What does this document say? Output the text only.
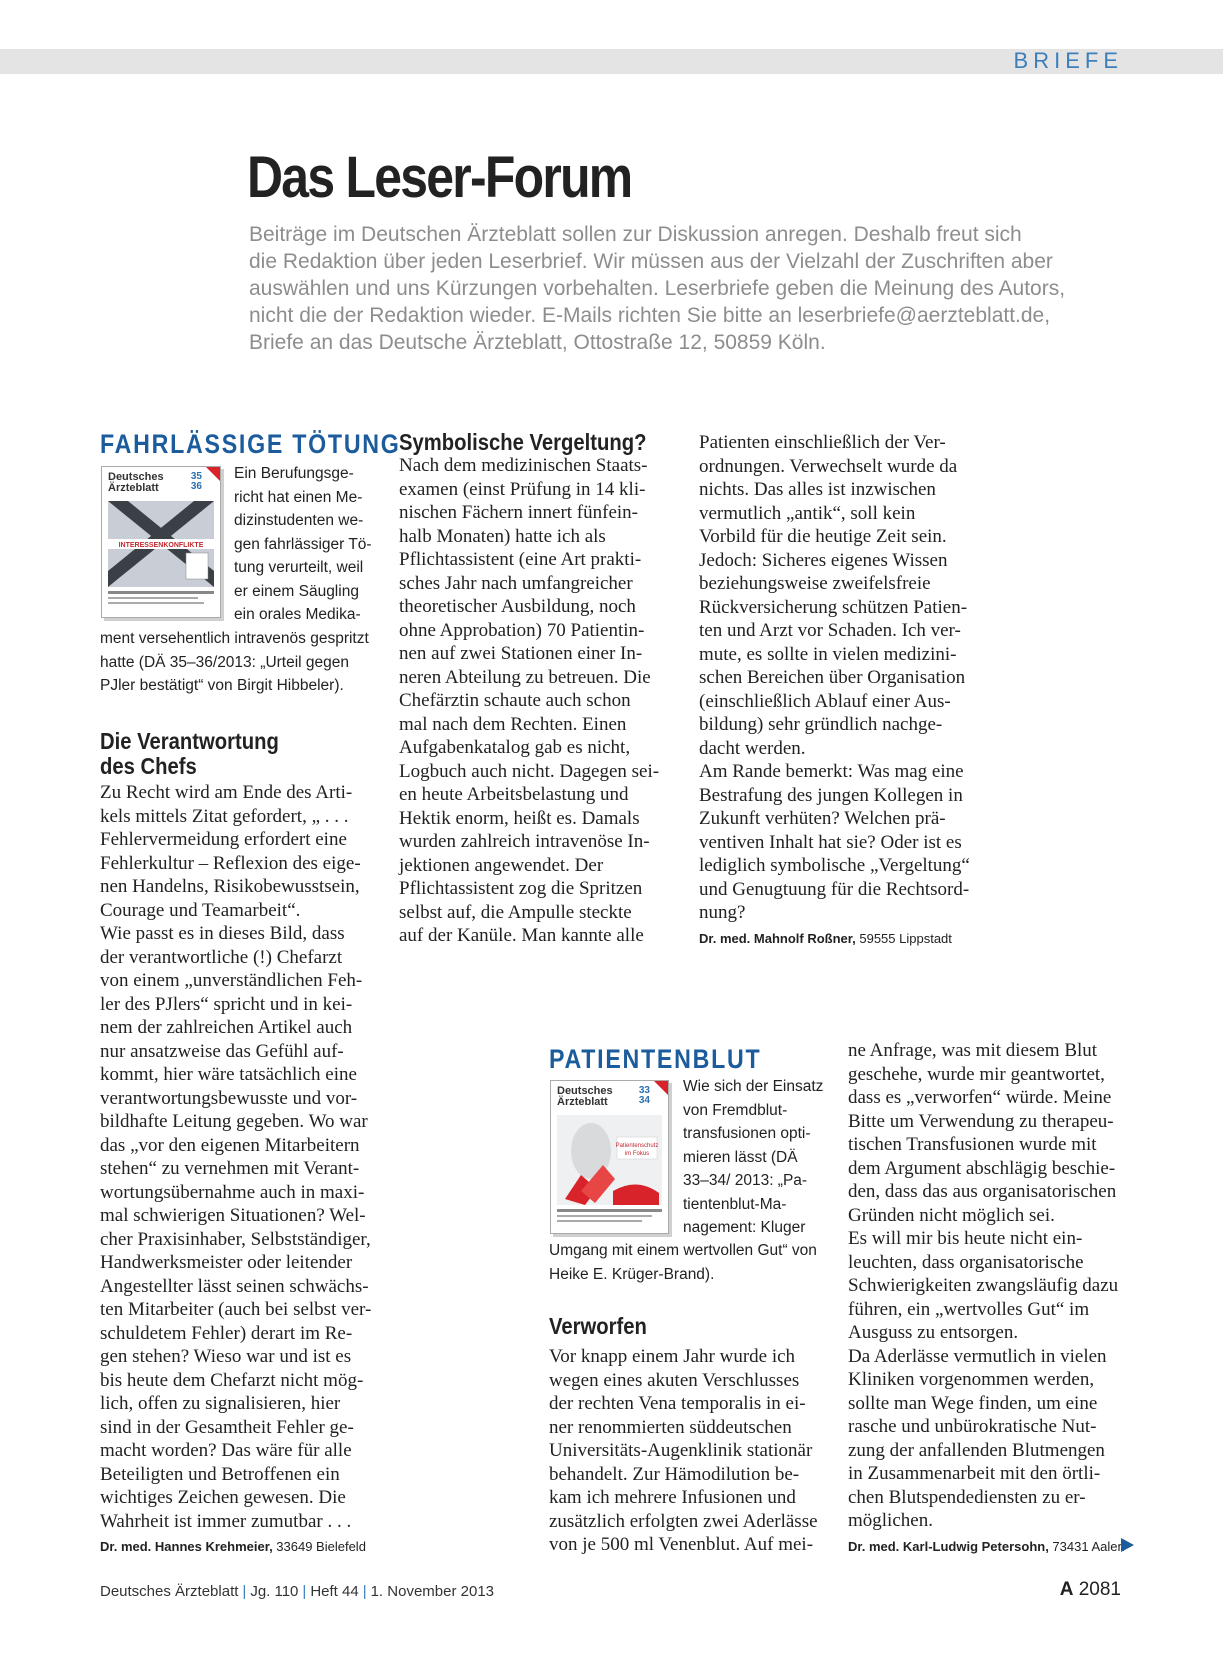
BRIEFE
Das Leser-Forum
Beiträge im Deutschen Ärzteblatt sollen zur Diskussion anregen. Deshalb freut sich
die Redaktion über jeden Leserbrief. Wir müssen aus der Vielzahl der Zuschriften aber
auswählen und uns Kürzungen vorbehalten. Leserbriefe geben die Meinung des Autors,
nicht die der Redaktion wieder. E-Mails richten Sie bitte an leserbriefe@aerzteblatt.de,
Briefe an das Deutsche Ärzteblatt, Ottostraße 12, 50859 Köln.
FAHRLÄSSIGE TÖTUNG
Deutsches
Ärzteblatt
35
36
INTERESSENKONFLIKTE
Ein Berufungsge-
richt hat einen Me-
dizinstudenten we-
gen fahrlässiger Tö-
tung verurteilt, weil
er einem Säugling
ein orales Medika-
ment versehentlich intravenös gespritzt
hatte (DÄ 35–36/2013: „Urteil gegen
PJler bestätigt“ von Birgit Hibbeler).
Die Verantwortung
des Chefs
Zu Recht wird am Ende des Arti-
kels mittels Zitat gefordert, „ . . .
Fehlervermeidung erfordert eine
Fehlerkultur – Reflexion des eige-
nen Handelns, Risikobewusstsein,
Courage und Teamarbeit“.
Wie passt es in dieses Bild, dass
der verantwortliche (!) Chefarzt
von einem „unverständlichen Feh-
ler des PJlers“ spricht und in kei-
nem der zahlreichen Artikel auch
nur ansatzweise das Gefühl auf-
kommt, hier wäre tatsächlich eine
verantwortungsbewusste und vor-
bildhafte Leitung gegeben. Wo war
das „vor den eigenen Mitarbeitern
stehen“ zu vernehmen mit Verant-
wortungsübernahme auch in maxi-
mal schwierigen Situationen? Wel-
cher Praxisinhaber, Selbstständiger,
Handwerksmeister oder leitender
Angestellter lässt seinen schwächs-
ten Mitarbeiter (auch bei selbst ver-
schuldetem Fehler) derart im Re-
gen stehen? Wieso war und ist es
bis heute dem Chefarzt nicht mög-
lich, offen zu signalisieren, hier
sind in der Gesamtheit Fehler ge-
macht worden? Das wäre für alle
Beteiligten und Betroffenen ein
wichtiges Zeichen gewesen. Die
Wahrheit ist immer zumutbar . . .
Dr. med. Hannes Krehmeier, 33649 Bielefeld
Symbolische Vergeltung?
Nach dem medizinischen Staats-
examen (einst Prüfung in 14 kli-
nischen Fächern innert fünfein-
halb Monaten) hatte ich als
Pflichtassistent (eine Art prakti-
sches Jahr nach umfangreicher
theoretischer Ausbildung, noch
ohne Approbation) 70 Patientin-
nen auf zwei Stationen einer In-
neren Abteilung zu betreuen. Die
Chefärztin schaute auch schon
mal nach dem Rechten. Einen
Aufgabenkatalog gab es nicht,
Logbuch auch nicht. Dagegen sei-
en heute Arbeitsbelastung und
Hektik enorm, heißt es. Damals
wurden zahlreich intravenöse In-
jektionen angewendet. Der
Pflichtassistent zog die Spritzen
selbst auf, die Ampulle steckte
auf der Kanüle. Man kannte alle
Patienten einschließlich der Ver-
ordnungen. Verwechselt wurde da
nichts. Das alles ist inzwischen
vermutlich „antik“, soll kein
Vorbild für die heutige Zeit sein.
Jedoch: Sicheres eigenes Wissen
beziehungsweise zweifelsfreie
Rückversicherung schützen Patien-
ten und Arzt vor Schaden. Ich ver-
mute, es sollte in vielen medizini-
schen Bereichen über Organisation
(einschließlich Ablauf einer Aus-
bildung) sehr gründlich nachge-
dacht werden.
Am Rande bemerkt: Was mag eine
Bestrafung des jungen Kollegen in
Zukunft verhüten? Welchen prä-
ventiven Inhalt hat sie? Oder ist es
lediglich symbolische „Vergeltung“
und Genugtuung für die Rechtsord-
nung?
Dr. med. Mahnolf Roßner, 59555 Lippstadt
PATIENTENBLUT
Deutsches
Ärzteblatt
33
34
Patientenschutz
im Fokus
Wie sich der Einsatz
von Fremdblut-
transfusionen opti-
mieren lässt (DÄ
33–34/ 2013: „Pa-
tientenblut-Ma-
nagement: Kluger
Umgang mit einem wertvollen Gut“ von
Heike E. Krüger-Brand).
Verworfen
Vor knapp einem Jahr wurde ich
wegen eines akuten Verschlusses
der rechten Vena temporalis in ei-
ner renommierten süddeutschen
Universitäts-Augenklinik stationär
behandelt. Zur Hämodilution be-
kam ich mehrere Infusionen und
zusätzlich erfolgten zwei Aderlässe
von je 500 ml Venenblut. Auf mei-
ne Anfrage, was mit diesem Blut
geschehe, wurde mir geantwortet,
dass es „verworfen“ würde. Meine
Bitte um Verwendung zu therapeu-
tischen Transfusionen wurde mit
dem Argument abschlägig beschie-
den, dass das aus organisatorischen
Gründen nicht möglich sei.
Es will mir bis heute nicht ein-
leuchten, dass organisatorische
Schwierigkeiten zwangsläufig dazu
führen, ein „wertvolles Gut“ im
Ausguss zu entsorgen.
Da Aderlässe vermutlich in vielen
Kliniken vorgenommen werden,
sollte man Wege finden, um eine
rasche und unbürokratische Nut-
zung der anfallenden Blutmengen
in Zusammenarbeit mit den örtli-
chen Blutspendediensten zu er-
möglichen.
Dr. med. Karl-Ludwig Petersohn, 73431 Aalen
Deutsches Ärzteblatt | Jg. 110 | Heft 44 | 1. November 2013	A 2081
